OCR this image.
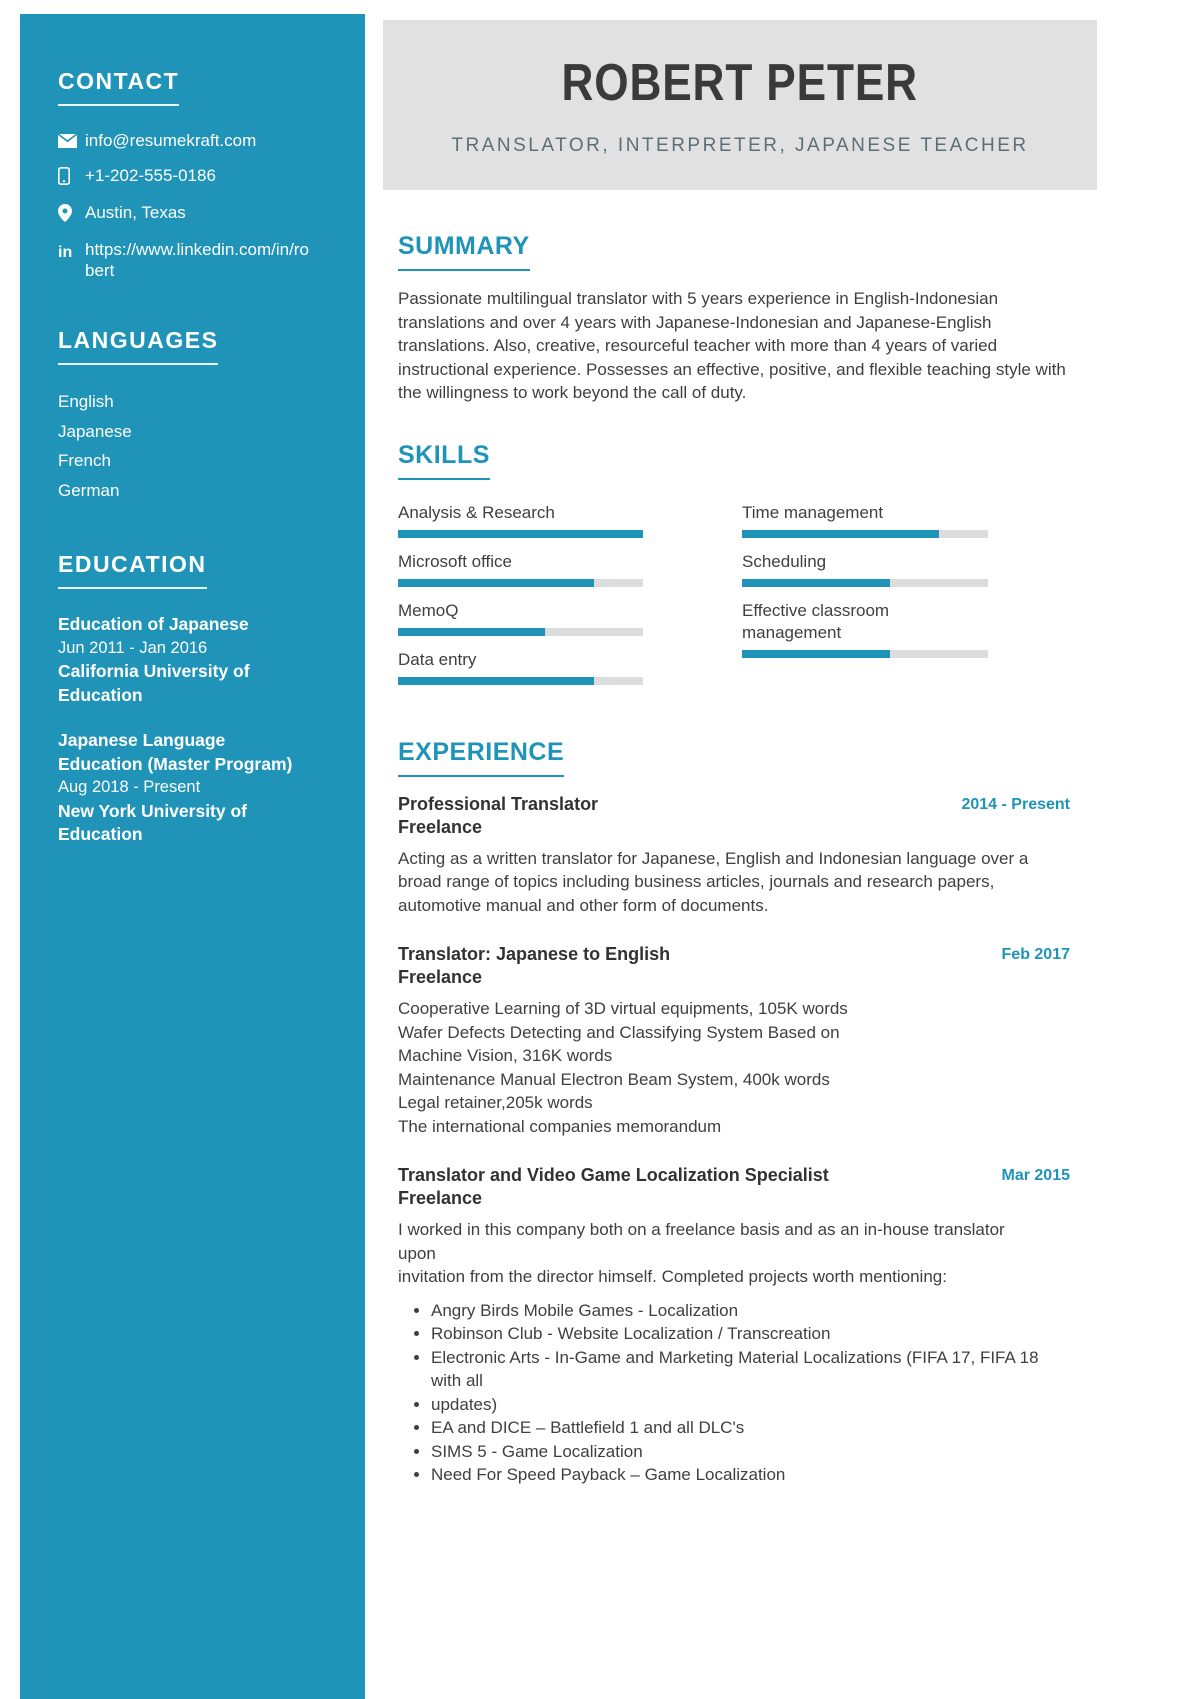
CONTACT
info@resumekraft.com
+1-202-555-0186
Austin, Texas
in https://www.linkedin.com/in/robert
LANGUAGES
English
Japanese
French
German
EDUCATION
Education of Japanese
Jun 2011 - Jan 2016
California University of Education
Japanese Language Education (Master Program)
Aug 2018 - Present
New York University of Education
ROBERT PETER
TRANSLATOR, INTERPRETER, JAPANESE TEACHER
SUMMARY

Passionate multilingual translator with 5 years experience in English-Indonesian translations and over 4 years with Japanese-Indonesian and Japanese-English translations. Also, creative, resourceful teacher with more than 4 years of varied instructional experience. Possesses an effective, positive, and flexible teaching style with the willingness to work beyond the call of duty.

SKILLS
Analysis & Research
Microsoft office
MemoQ
Data entry
Time management
Scheduling
Effective classroom management
EXPERIENCE
Professional Translator
Freelance
2014 - Present
Acting as a written translator for Japanese, English and Indonesian language over a broad range of topics including business articles, journals and research papers, automotive manual and other form of documents.
Translator: Japanese to English
Freelance
Feb 2017
Cooperative Learning of 3D virtual equipments, 105K words
Wafer Defects Detecting and Classifying System Based on
Machine Vision, 316K words
Maintenance Manual Electron Beam System, 400k words
Legal retainer,205k words
The international companies memorandum
Translator and Video Game Localization Specialist
Freelance
Mar 2015
I worked in this company both on a freelance basis and as an in-house translator
upon
invitation from the director himself. Completed projects worth mentioning:
• Angry Birds Mobile Games - Localization
• Robinson Club - Website Localization / Transcreation
• Electronic Arts - In-Game and Marketing Material Localizations (FIFA 17, FIFA 18 with all
• updates)
• EA and DICE – Battlefield 1 and all DLC's
• SIMS 5 - Game Localization
• Need For Speed Payback – Game Localization
